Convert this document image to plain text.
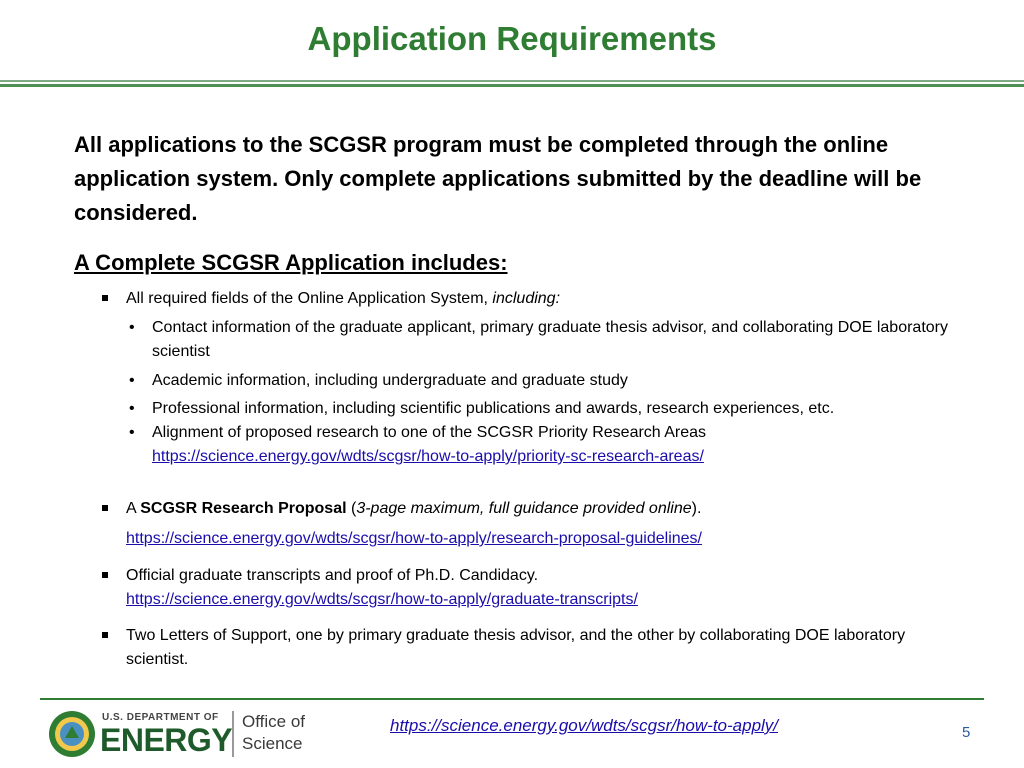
Application Requirements
All applications to the SCGSR program must be completed through the online application system. Only complete applications submitted by the deadline will be considered.
A Complete SCGSR Application includes:
All required fields of the Online Application System, including:
• Contact information of the graduate applicant, primary graduate thesis advisor, and collaborating DOE laboratory scientist
• Academic information, including undergraduate and graduate study
• Professional information, including scientific publications and awards, research experiences, etc.
• Alignment of proposed research to one of the SCGSR Priority Research Areas
https://science.energy.gov/wdts/scgsr/how-to-apply/priority-sc-research-areas/
A SCGSR Research Proposal (3-page maximum, full guidance provided online).
https://science.energy.gov/wdts/scgsr/how-to-apply/research-proposal-guidelines/
Official graduate transcripts and proof of Ph.D. Candidacy.
https://science.energy.gov/wdts/scgsr/how-to-apply/graduate-transcripts/
Two Letters of Support, one by primary graduate thesis advisor, and the other by collaborating DOE laboratory scientist.
U.S. DEPARTMENT OF
ENERGY
Office of
Science
https://science.energy.gov/wdts/scgsr/how-to-apply/	5
